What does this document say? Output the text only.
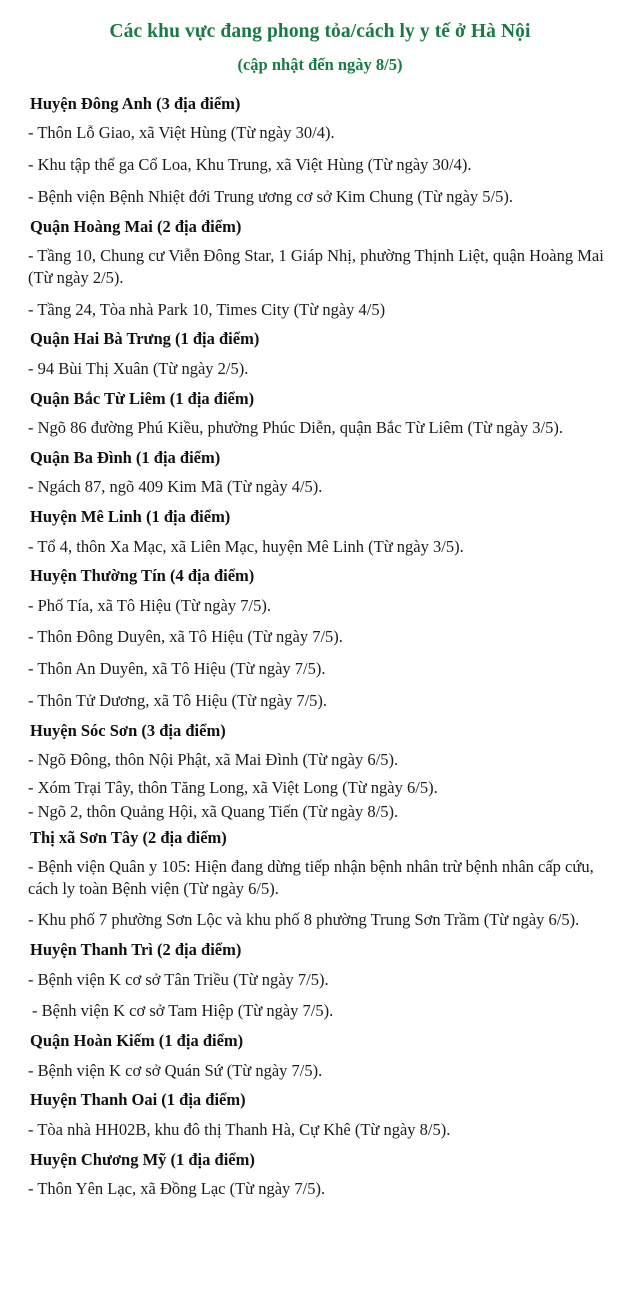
Các khu vực đang phong tỏa/cách ly y tế ở Hà Nội
(cập nhật đến ngày 8/5)
Huyện Đông Anh (3 địa điểm)
- Thôn Lỗ Giao, xã Việt Hùng (Từ ngày 30/4).
- Khu tập thể ga Cổ Loa, Khu Trung, xã Việt Hùng (Từ ngày 30/4).
- Bệnh viện Bệnh Nhiệt đới Trung ương cơ sở Kim Chung (Từ ngày 5/5).
Quận Hoàng Mai (2 địa điểm)
- Tầng 10, Chung cư Viễn Đông Star, 1 Giáp Nhị, phường Thịnh Liệt, quận Hoàng Mai (Từ ngày 2/5).
- Tầng 24, Tòa nhà Park 10, Times City (Từ ngày 4/5)
Quận Hai Bà Trưng (1 địa điểm)
- 94 Bùi Thị Xuân (Từ ngày 2/5).
Quận Bắc Từ Liêm (1 địa điểm)
- Ngõ 86 đường Phú Kiều, phường Phúc Diễn, quận Bắc Từ Liêm (Từ ngày 3/5).
Quận Ba Đình (1 địa điểm)
- Ngách 87, ngõ 409 Kim Mã (Từ ngày 4/5).
Huyện Mê Linh (1 địa điểm)
- Tổ 4, thôn Xa Mạc, xã Liên Mạc, huyện Mê Linh (Từ ngày 3/5).
Huyện Thường Tín (4 địa điểm)
- Phố Tía, xã Tô Hiệu (Từ ngày 7/5).
- Thôn Đông Duyên, xã Tô Hiệu (Từ ngày 7/5).
- Thôn An Duyên, xã Tô Hiệu (Từ ngày 7/5).
- Thôn Tử Dương, xã Tô Hiệu (Từ ngày 7/5).
Huyện Sóc Sơn (3 địa điểm)
- Ngõ Đông, thôn Nội Phật, xã Mai Đình (Từ ngày 6/5).
- Xóm Trại Tây, thôn Tăng Long, xã Việt Long (Từ ngày 6/5).
- Ngõ 2, thôn Quảng Hội, xã Quang Tiến (Từ ngày 8/5).
Thị xã Sơn Tây (2 địa điểm)
- Bệnh viện Quân y 105: Hiện đang dừng tiếp nhận bệnh nhân trừ bệnh nhân cấp cứu, cách ly toàn Bệnh viện (Từ ngày 6/5).
- Khu phố 7 phường Sơn Lộc và khu phố 8 phường Trung Sơn Trầm (Từ ngày 6/5).
Huyện Thanh Trì (2 địa điểm)
- Bệnh viện K cơ sở Tân Triều (Từ ngày 7/5).
- Bệnh viện K cơ sở Tam Hiệp (Từ ngày 7/5).
Quận Hoàn Kiếm (1 địa điểm)
- Bệnh viện K cơ sở Quán Sứ (Từ ngày 7/5).
Huyện Thanh Oai (1 địa điểm)
- Tòa nhà HH02B, khu đô thị Thanh Hà, Cự Khê (Từ ngày 8/5).
Huyện Chương Mỹ (1 địa điểm)
- Thôn Yên Lạc, xã Đồng Lạc (Từ ngày 7/5).
